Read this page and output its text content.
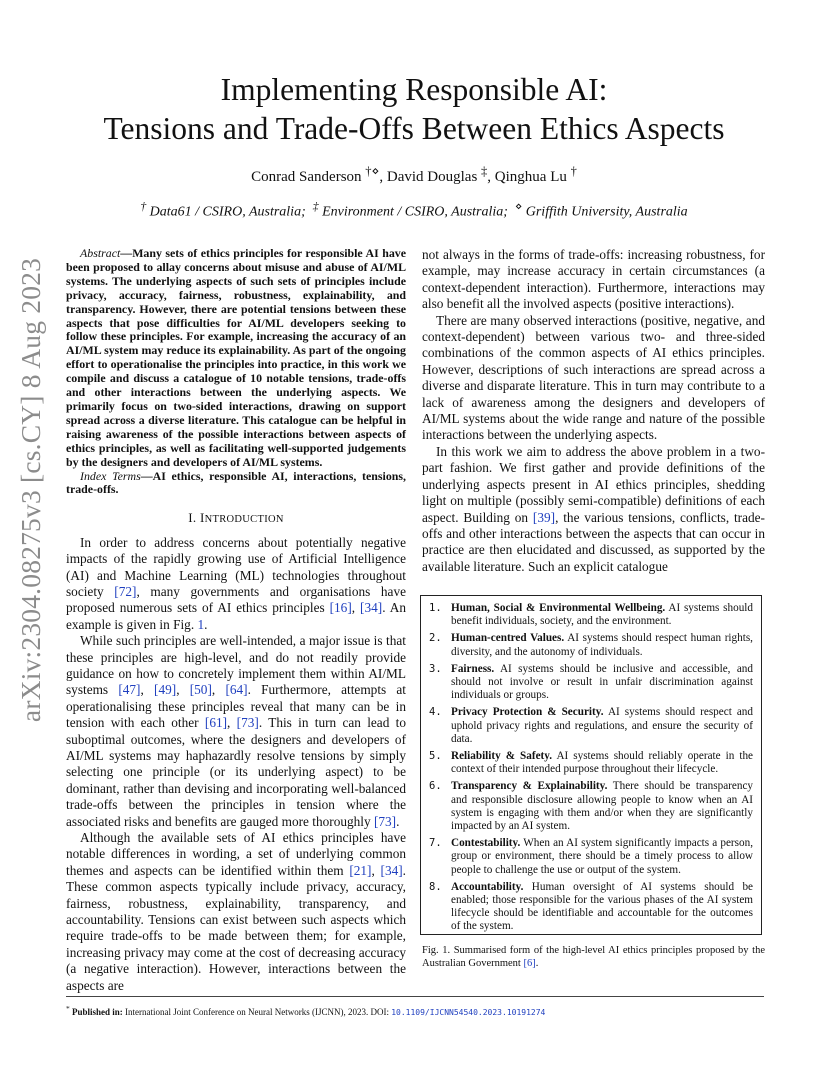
arXiv:2304.08275v3 [cs.CY] 8 Aug 2023
Implementing Responsible AI:
Tensions and Trade-Offs Between Ethics Aspects
Conrad Sanderson †⋄, David Douglas ‡, Qinghua Lu †
† Data61 / CSIRO, Australia; ‡ Environment / CSIRO, Australia; ⋄ Griffith University, Australia

Abstract—Many sets of ethics principles for responsible AI have been proposed to allay concerns about misuse and abuse of AI/ML systems. The underlying aspects of such sets of principles include privacy, accuracy, fairness, robustness, explainability, and transparency. However, there are potential tensions between these aspects that pose difficulties for AI/ML developers seeking to follow these principles. For example, increasing the accuracy of an AI/ML system may reduce its explainability. As part of the ongoing effort to operationalise the principles into practice, in this work we compile and discuss a catalogue of 10 notable tensions, trade-offs and other interactions between the underlying aspects. We primarily focus on two-sided interactions, drawing on support spread across a diverse literature. This catalogue can be helpful in raising awareness of the possible interactions between aspects of ethics principles, as well as facilitating well-supported judgements by the designers and developers of AI/ML systems.

Index Terms—AI ethics, responsible AI, interactions, tensions, trade-offs.

I. INTRODUCTION

In order to address concerns about potentially negative impacts of the rapidly growing use of Artificial Intelligence (AI) and Machine Learning (ML) technologies throughout society [72], many governments and organisations have proposed numerous sets of AI ethics principles [16], [34]. An example is given in Fig. 1.

While such principles are well-intended, a major issue is that these principles are high-level, and do not readily provide guidance on how to concretely implement them within AI/ML systems [47], [49], [50], [64]. Furthermore, attempts at operationalising these principles reveal that many can be in tension with each other [61], [73]. This in turn can lead to suboptimal outcomes, where the designers and developers of AI/ML systems may haphazardly resolve tensions by simply selecting one principle (or its underlying aspect) to be dominant, rather than devising and incorporating well-balanced trade-offs between the principles in tension where the associated risks and benefits are gauged more thoroughly [73].

Although the available sets of AI ethics principles have notable differences in wording, a set of underlying common themes and aspects can be identified within them [21], [34]. These common aspects typically include privacy, accuracy, fairness, robustness, explainability, transparency, and accountability. Tensions can exist between such aspects which require trade-offs to be made between them; for example, increasing privacy may come at the cost of decreasing accuracy (a negative interaction). However, interactions between the aspects are

not always in the forms of trade-offs: increasing robustness, for example, may increase accuracy in certain circumstances (a context-dependent interaction). Furthermore, interactions may also benefit all the involved aspects (positive interactions).

There are many observed interactions (positive, negative, and context-dependent) between various two- and three-sided combinations of the common aspects of AI ethics principles. However, descriptions of such interactions are spread across a diverse and disparate literature. This in turn may contribute to a lack of awareness among the designers and developers of AI/ML systems about the wide range and nature of the possible interactions between the underlying aspects.

In this work we aim to address the above problem in a two-part fashion. We first gather and provide definitions of the underlying aspects present in AI ethics principles, shedding light on multiple (possibly semi-compatible) definitions of each aspect. Building on [39], the various tensions, conflicts, trade-offs and other interactions between the aspects that can occur in practice are then elucidated and discussed, as supported by the available literature. Such an explicit catalogue

1. Human, Social & Environmental Wellbeing. AI systems should benefit individuals, society, and the environment.
2. Human-centred Values. AI systems should respect human rights, diversity, and the autonomy of individuals.
3. Fairness. AI systems should be inclusive and accessible, and should not involve or result in unfair discrimination against individuals or groups.
4. Privacy Protection & Security. AI systems should respect and uphold privacy rights and regulations, and ensure the security of data.
5. Reliability & Safety. AI systems should reliably operate in the context of their intended purpose throughout their lifecycle.
6. Transparency & Explainability. There should be transparency and responsible disclosure allowing people to know when an AI system is engaging with them and/or when they are significantly impacted by an AI system.
7. Contestability. When an AI system significantly impacts a person, group or environment, there should be a timely process to allow people to challenge the use or output of the system.
8. Accountability. Human oversight of AI systems should be enabled; those responsible for the various phases of the AI system lifecycle should be identifiable and accountable for the outcomes of the system.
Fig. 1. Summarised form of the high-level AI ethics principles proposed by the Australian Government [6].
* Published in: International Joint Conference on Neural Networks (IJCNN), 2023. DOI: 10.1109/IJCNN54540.2023.10191274
